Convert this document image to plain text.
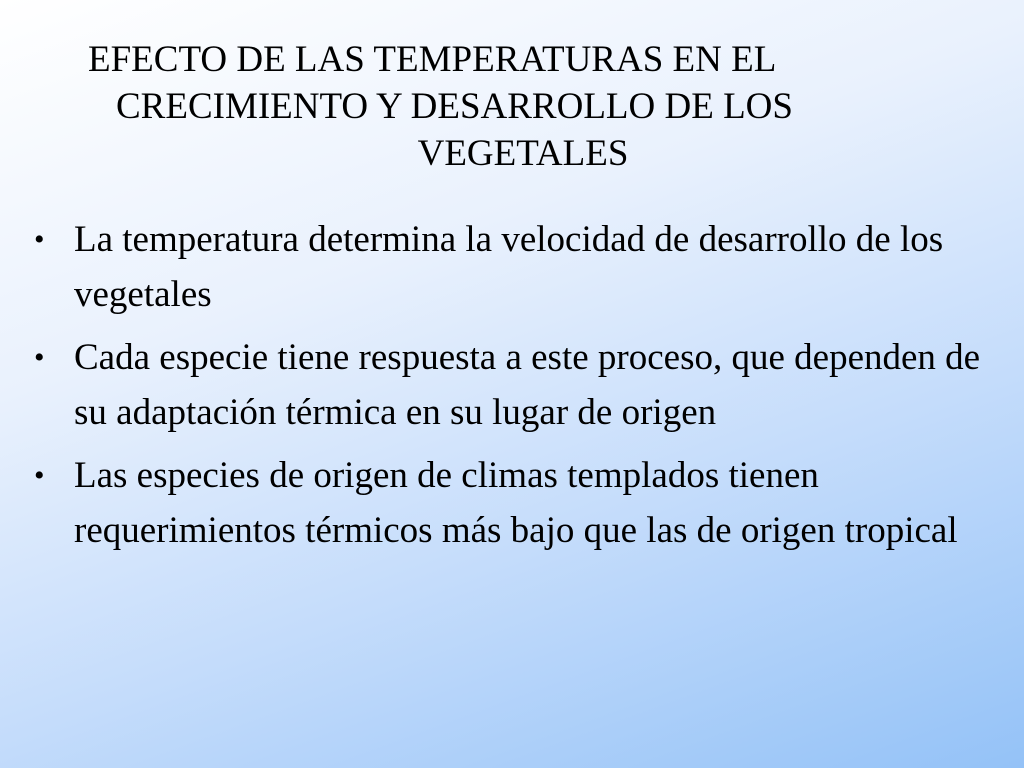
EFECTO DE LAS TEMPERATURAS EN EL
CRECIMIENTO Y DESARROLLO DE LOS
VEGETALES
• La temperatura determina la velocidad de desarrollo de los vegetales
• Cada especie tiene respuesta a este proceso, que dependen de su adaptación térmica en su lugar de origen
• Las especies de origen de climas templados tienen requerimientos térmicos más bajo que las de origen tropical
